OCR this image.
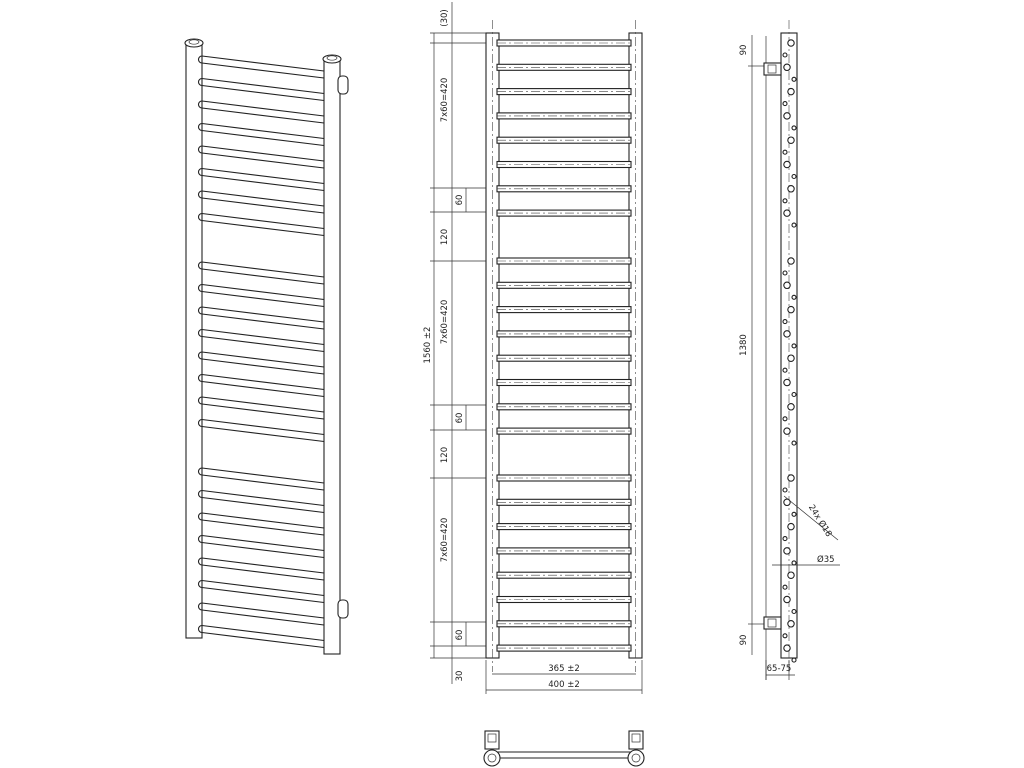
(30)
7x60=420
60
120
7x60=420
60
120
7x60=420
60
30
1560 ±2
365 ±2
400 ±2
90
1380
90
24x Ø18
Ø35
65-75
